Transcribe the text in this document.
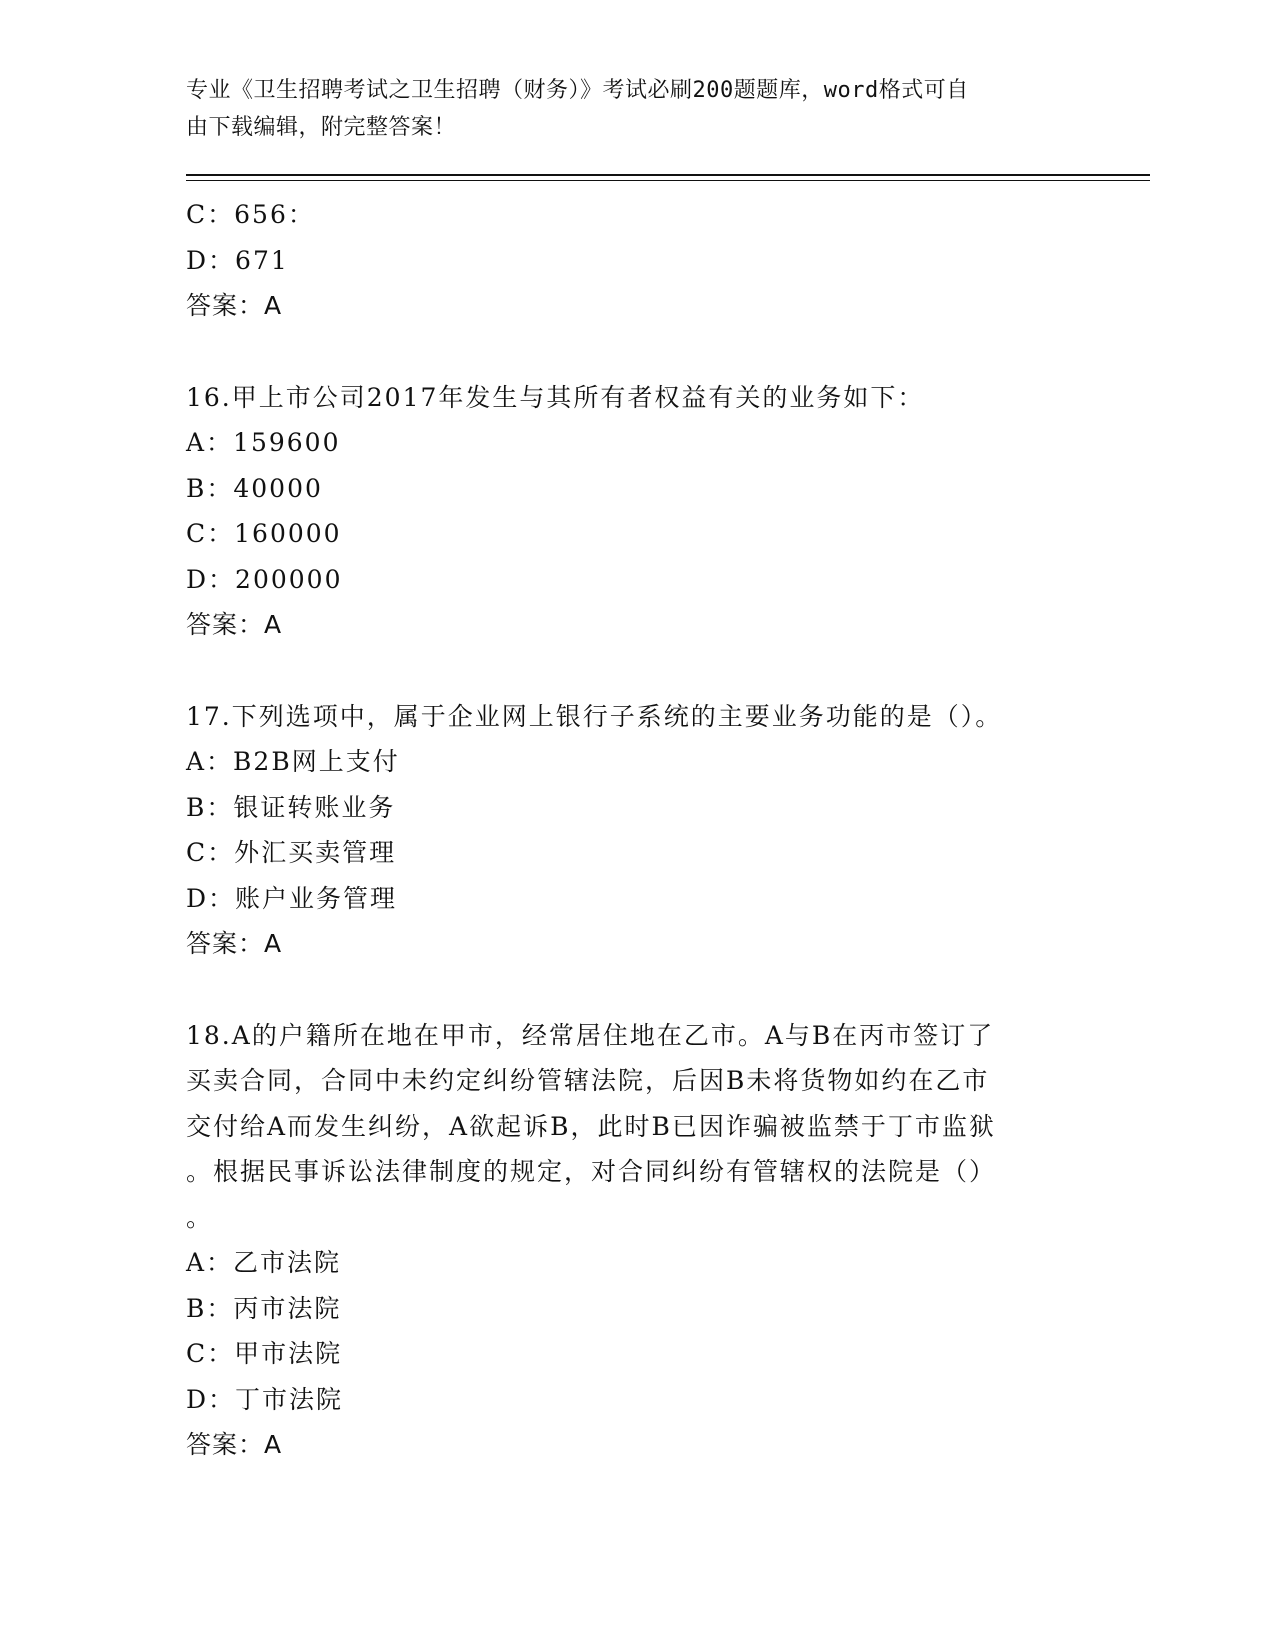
专业《卫生招聘考试之卫生招聘（财务）》考试必刷200题题库，word格式可自
由下载编辑，附完整答案！
C：656：
D：671
答案：A
16.甲上市公司2017年发生与其所有者权益有关的业务如下：
A：159600
B：40000
C：160000
D：200000
答案：A
17.下列选项中，属于企业网上银行子系统的主要业务功能的是（）。
A：B2B网上支付
B：银证转账业务
C：外汇买卖管理
D：账户业务管理
答案：A
18.A的户籍所在地在甲市，经常居住地在乙市。A与B在丙市签订了
买卖合同，合同中未约定纠纷管辖法院，后因B未将货物如约在乙市
交付给A而发生纠纷，A欲起诉B，此时B已因诈骗被监禁于丁市监狱
。根据民事诉讼法律制度的规定，对合同纠纷有管辖权的法院是（）
。
A：乙市法院
B：丙市法院
C：甲市法院
D：丁市法院
答案：A
